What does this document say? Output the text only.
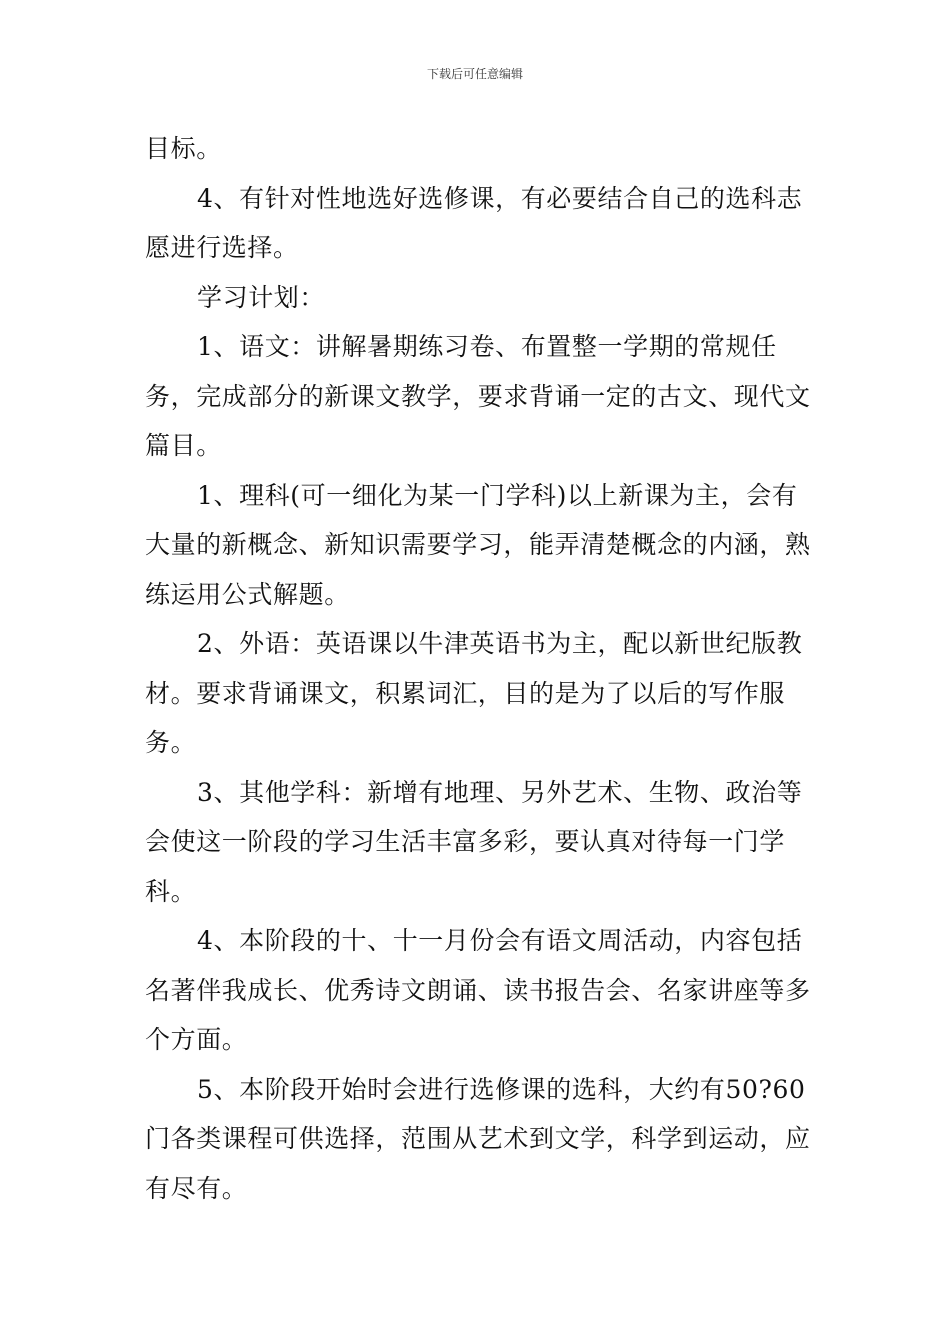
下载后可任意编辑

目标。

4、有针对性地选好选修课，有必要结合自己的选科志愿进行选择。

学习计划：

1、语文：讲解暑期练习卷、布置整一学期的常规任务，完成部分的新课文教学，要求背诵一定的古文、现代文篇目。

1、理科(可一细化为某一门学科)以上新课为主，会有大量的新概念、新知识需要学习，能弄清楚概念的内涵，熟练运用公式解题。

2、外语：英语课以牛津英语书为主，配以新世纪版教材。要求背诵课文，积累词汇，目的是为了以后的写作服务。

3、其他学科：新增有地理、另外艺术、生物、政治等会使这一阶段的学习生活丰富多彩，要认真对待每一门学科。

4、本阶段的十、十一月份会有语文周活动，内容包括名著伴我成长、优秀诗文朗诵、读书报告会、名家讲座等多个方面。

5、本阶段开始时会进行选修课的选科，大约有50?60门各类课程可供选择，范围从艺术到文学，科学到运动，应有尽有。
